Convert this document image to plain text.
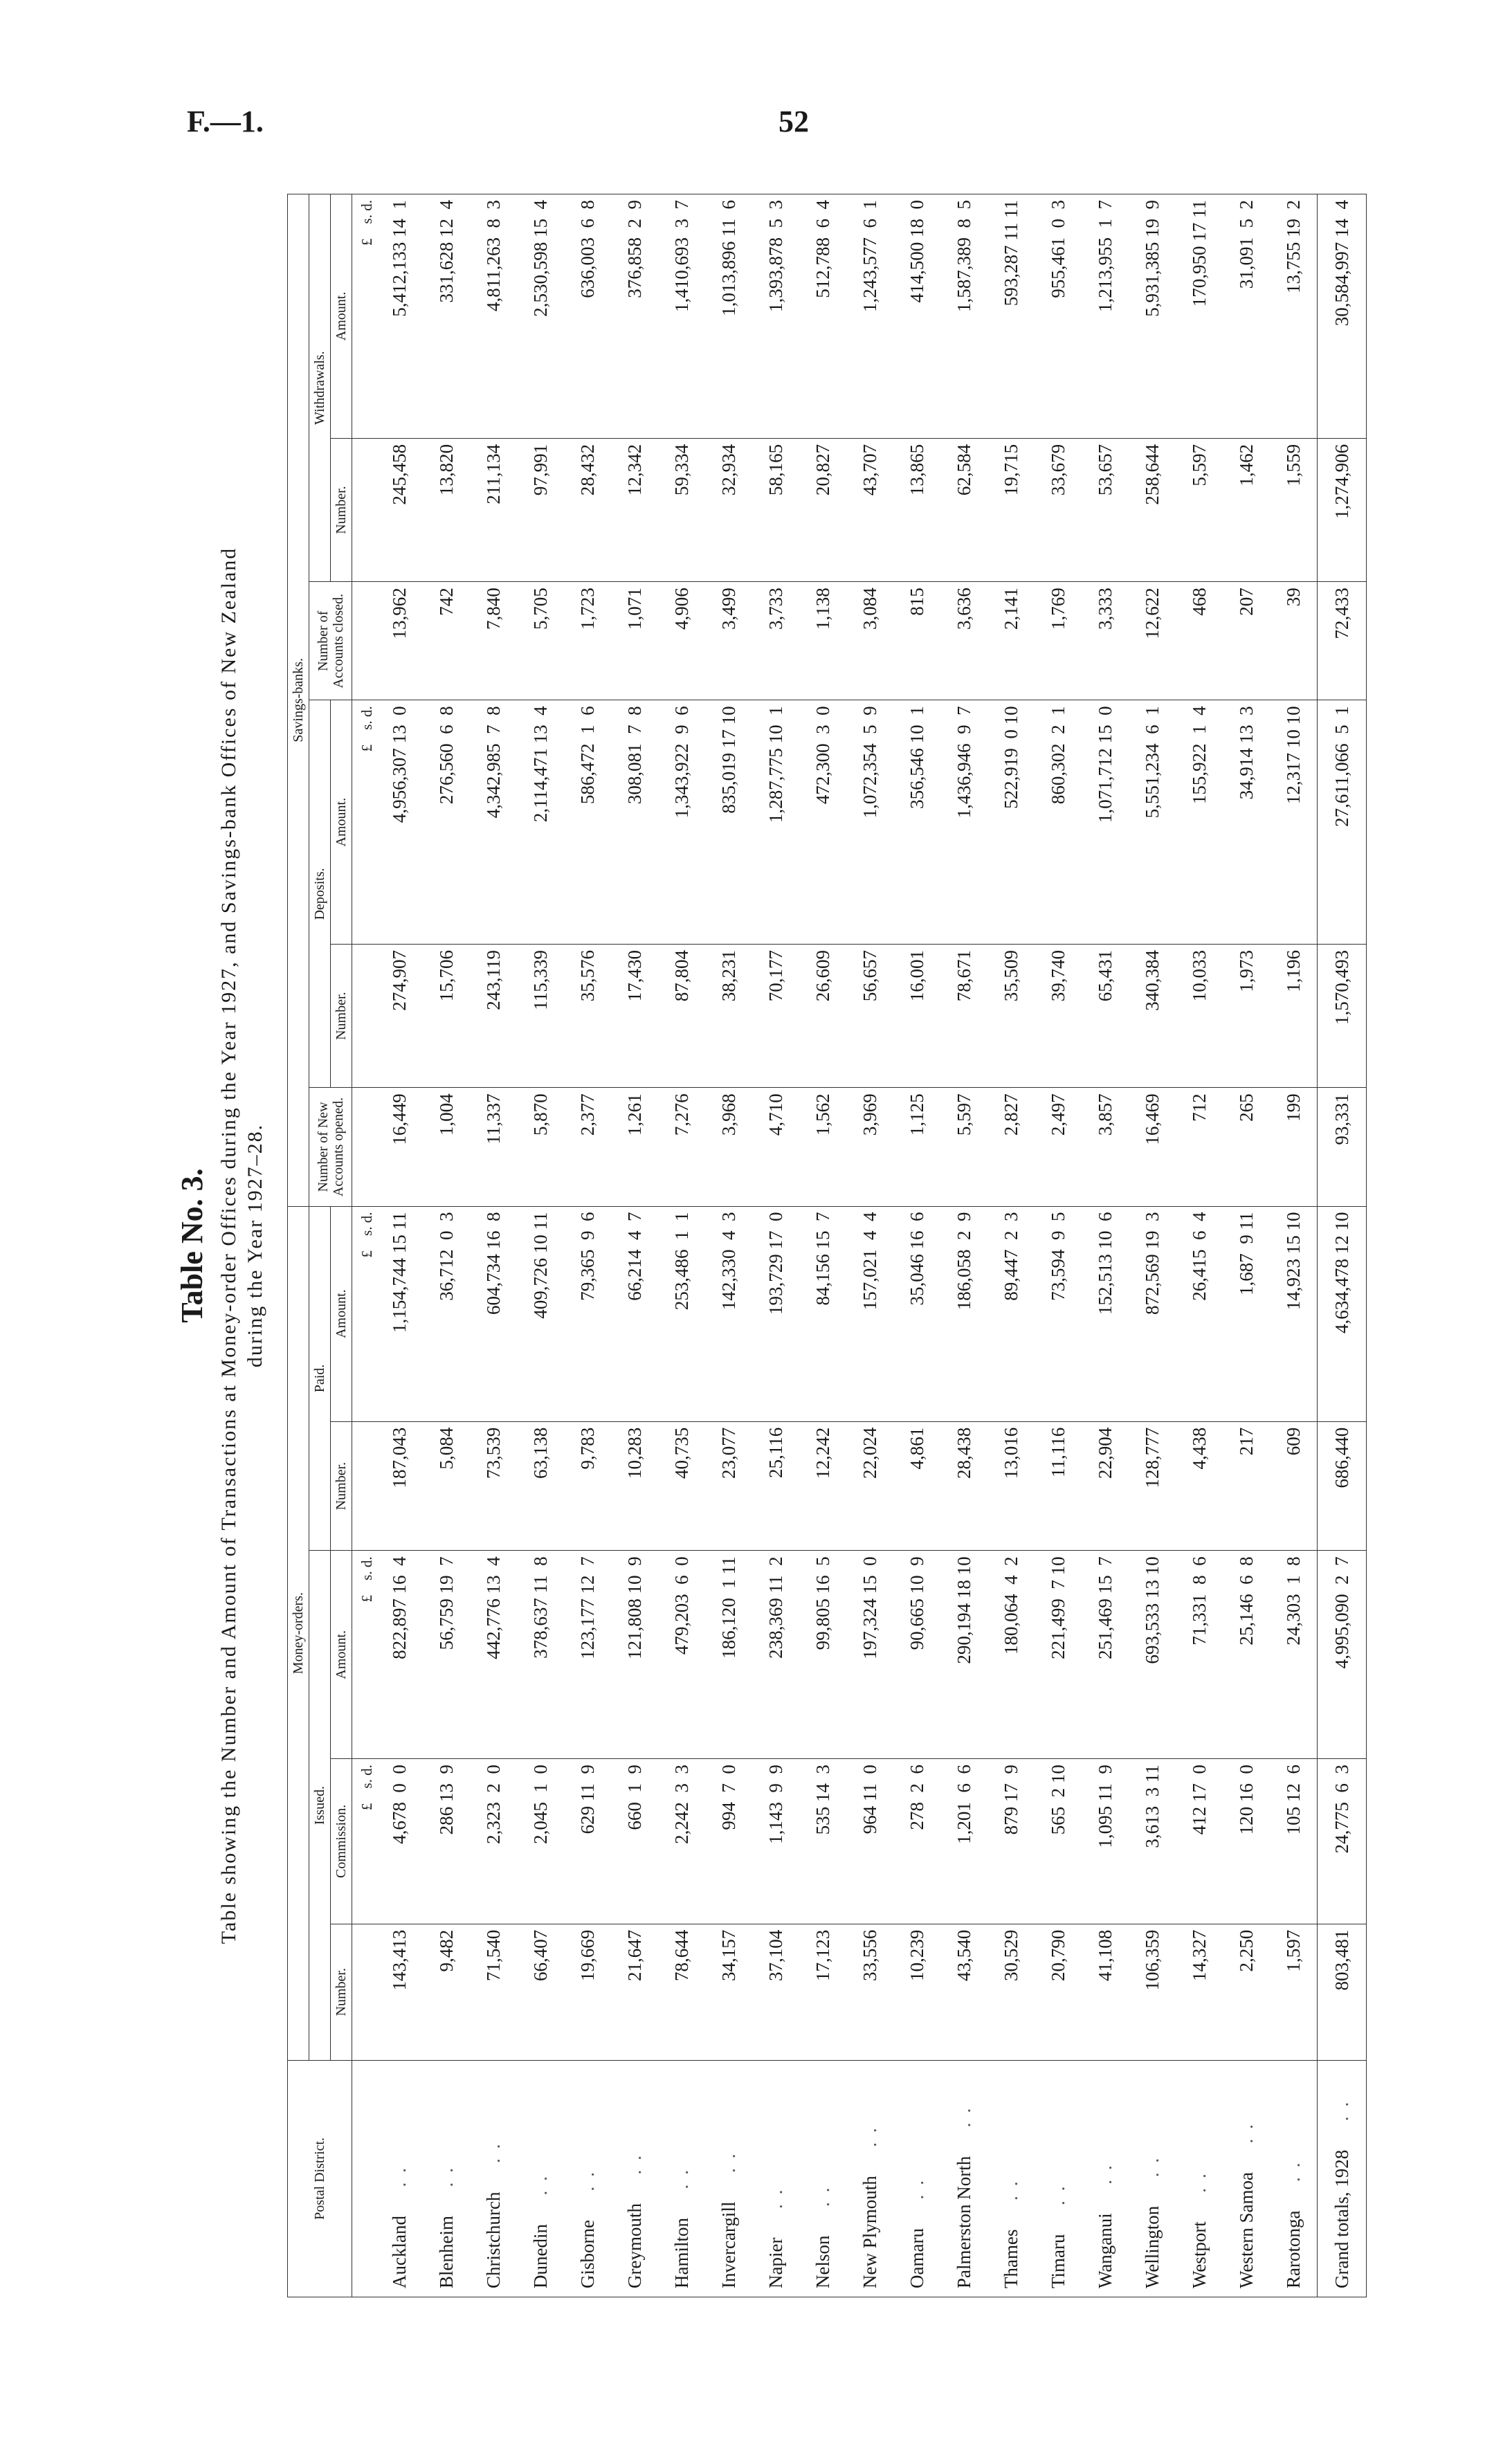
F.—1.	52
Table No. 3. Table showing the Number and Amount of Transactions at Money-order Offices during the Year 1927, and Savings-bank Offices of New Zealand during the Year 1927–28.
Postal District.	Money-orders.					Savings-banks.					
	Issued.			Paid.		Number of New Accounts opened.	Deposits.		Number of Accounts closed.	Withdrawals.	
	Number.	Commission.	Amount.	Number.	Amount.		Number.	Amount.		Number.	Amount.
		£    s. d.	£    s. d.		£    s. d.			£    s. d.			£    s. d.
Auckland  ..	143,413	4,678  0  0	822,897 16  4	187,043	1,154,744 15 11	16,449	274,907	4,956,307 13  0	13,962	245,458	5,412,133 14  1
Blenheim  ..	9,482	286 13  9	56,759 19  7	5,084	36,712  0  3	1,004	15,706	276,560  6  8	742	13,820	331,628 12  4
Christchurch  ..	71,540	2,323  2  0	442,776 13  4	73,539	604,734 16  8	11,337	243,119	4,342,985  7  8	7,840	211,134	4,811,263  8  3
Dunedin  ..	66,407	2,045  1  0	378,637 11  8	63,138	409,726 10 11	5,870	115,339	2,114,471 13  4	5,705	97,991	2,530,598 15  4
Gisborne  ..	19,669	629 11  9	123,177 12  7	9,783	79,365  9  6	2,377	35,576	586,472  1  6	1,723	28,432	636,003  6  8
Greymouth  ..	21,647	660  1  9	121,808 10  9	10,283	66,214  4  7	1,261	17,430	308,081  7  8	1,071	12,342	376,858  2  9
Hamilton  ..	78,644	2,242  3  3	479,203  6  0	40,735	253,486  1  1	7,276	87,804	1,343,922  9  6	4,906	59,334	1,410,693  3  7
Invercargill  ..	34,157	994  7  0	186,120  1 11	23,077	142,330  4  3	3,968	38,231	835,019 17 10	3,499	32,934	1,013,896 11  6
Napier  ..	37,104	1,143  9  9	238,369 11  2	25,116	193,729 17  0	4,710	70,177	1,287,775 10  1	3,733	58,165	1,393,878  5  3
Nelson  ..	17,123	535 14  3	99,805 16  5	12,242	84,156 15  7	1,562	26,609	472,300  3  0	1,138	20,827	512,788  6  4
New Plymouth  ..	33,556	964 11  0	197,324 15  0	22,024	157,021  4  4	3,969	56,657	1,072,354  5  9	3,084	43,707	1,243,577  6  1
Oamaru  ..	10,239	278  2  6	90,665 10  9	4,861	35,046 16  6	1,125	16,001	356,546 10  1	815	13,865	414,500 18  0
Palmerston North  ..	43,540	1,201  6  6	290,194 18 10	28,438	186,058  2  9	5,597	78,671	1,436,946  9  7	3,636	62,584	1,587,389  8  5
Thames  ..	30,529	879 17  9	180,064  4  2	13,016	89,447  2  3	2,827	35,509	522,919  0 10	2,141	19,715	593,287 11 11
Timaru  ..	20,790	565  2 10	221,499  7 10	11,116	73,594  9  5	2,497	39,740	860,302  2  1	1,769	33,679	955,461  0  3
Wanganui  ..	41,108	1,095 11  9	251,469 15  7	22,904	152,513 10  6	3,857	65,431	1,071,712 15  0	3,333	53,657	1,213,955  1  7
Wellington  ..	106,359	3,613  3 11	693,533 13 10	128,777	872,569 19  3	16,469	340,384	5,551,234  6  1	12,622	258,644	5,931,385 19  9
Westport  ..	14,327	412 17  0	71,331  8  6	4,438	26,415  6  4	712	10,033	155,922  1  4	468	5,597	170,950 17 11
Western Samoa  ..	2,250	120 16  0	25,146  6  8	217	1,687  9 11	265	1,973	34,914 13  3	207	1,462	31,091  5  2
Rarotonga  ..	1,597	105 12  6	24,303  1  8	609	14,923 15 10	199	1,196	12,317 10 10	39	1,559	13,755 19  2
Grand totals, 1928  ..	803,481	24,775  6  3	4,995,090  2  7	686,440	4,634,478 12 10	93,331	1,570,493	27,611,066  5  1	72,433	1,274,906	30,584,997 14  4
